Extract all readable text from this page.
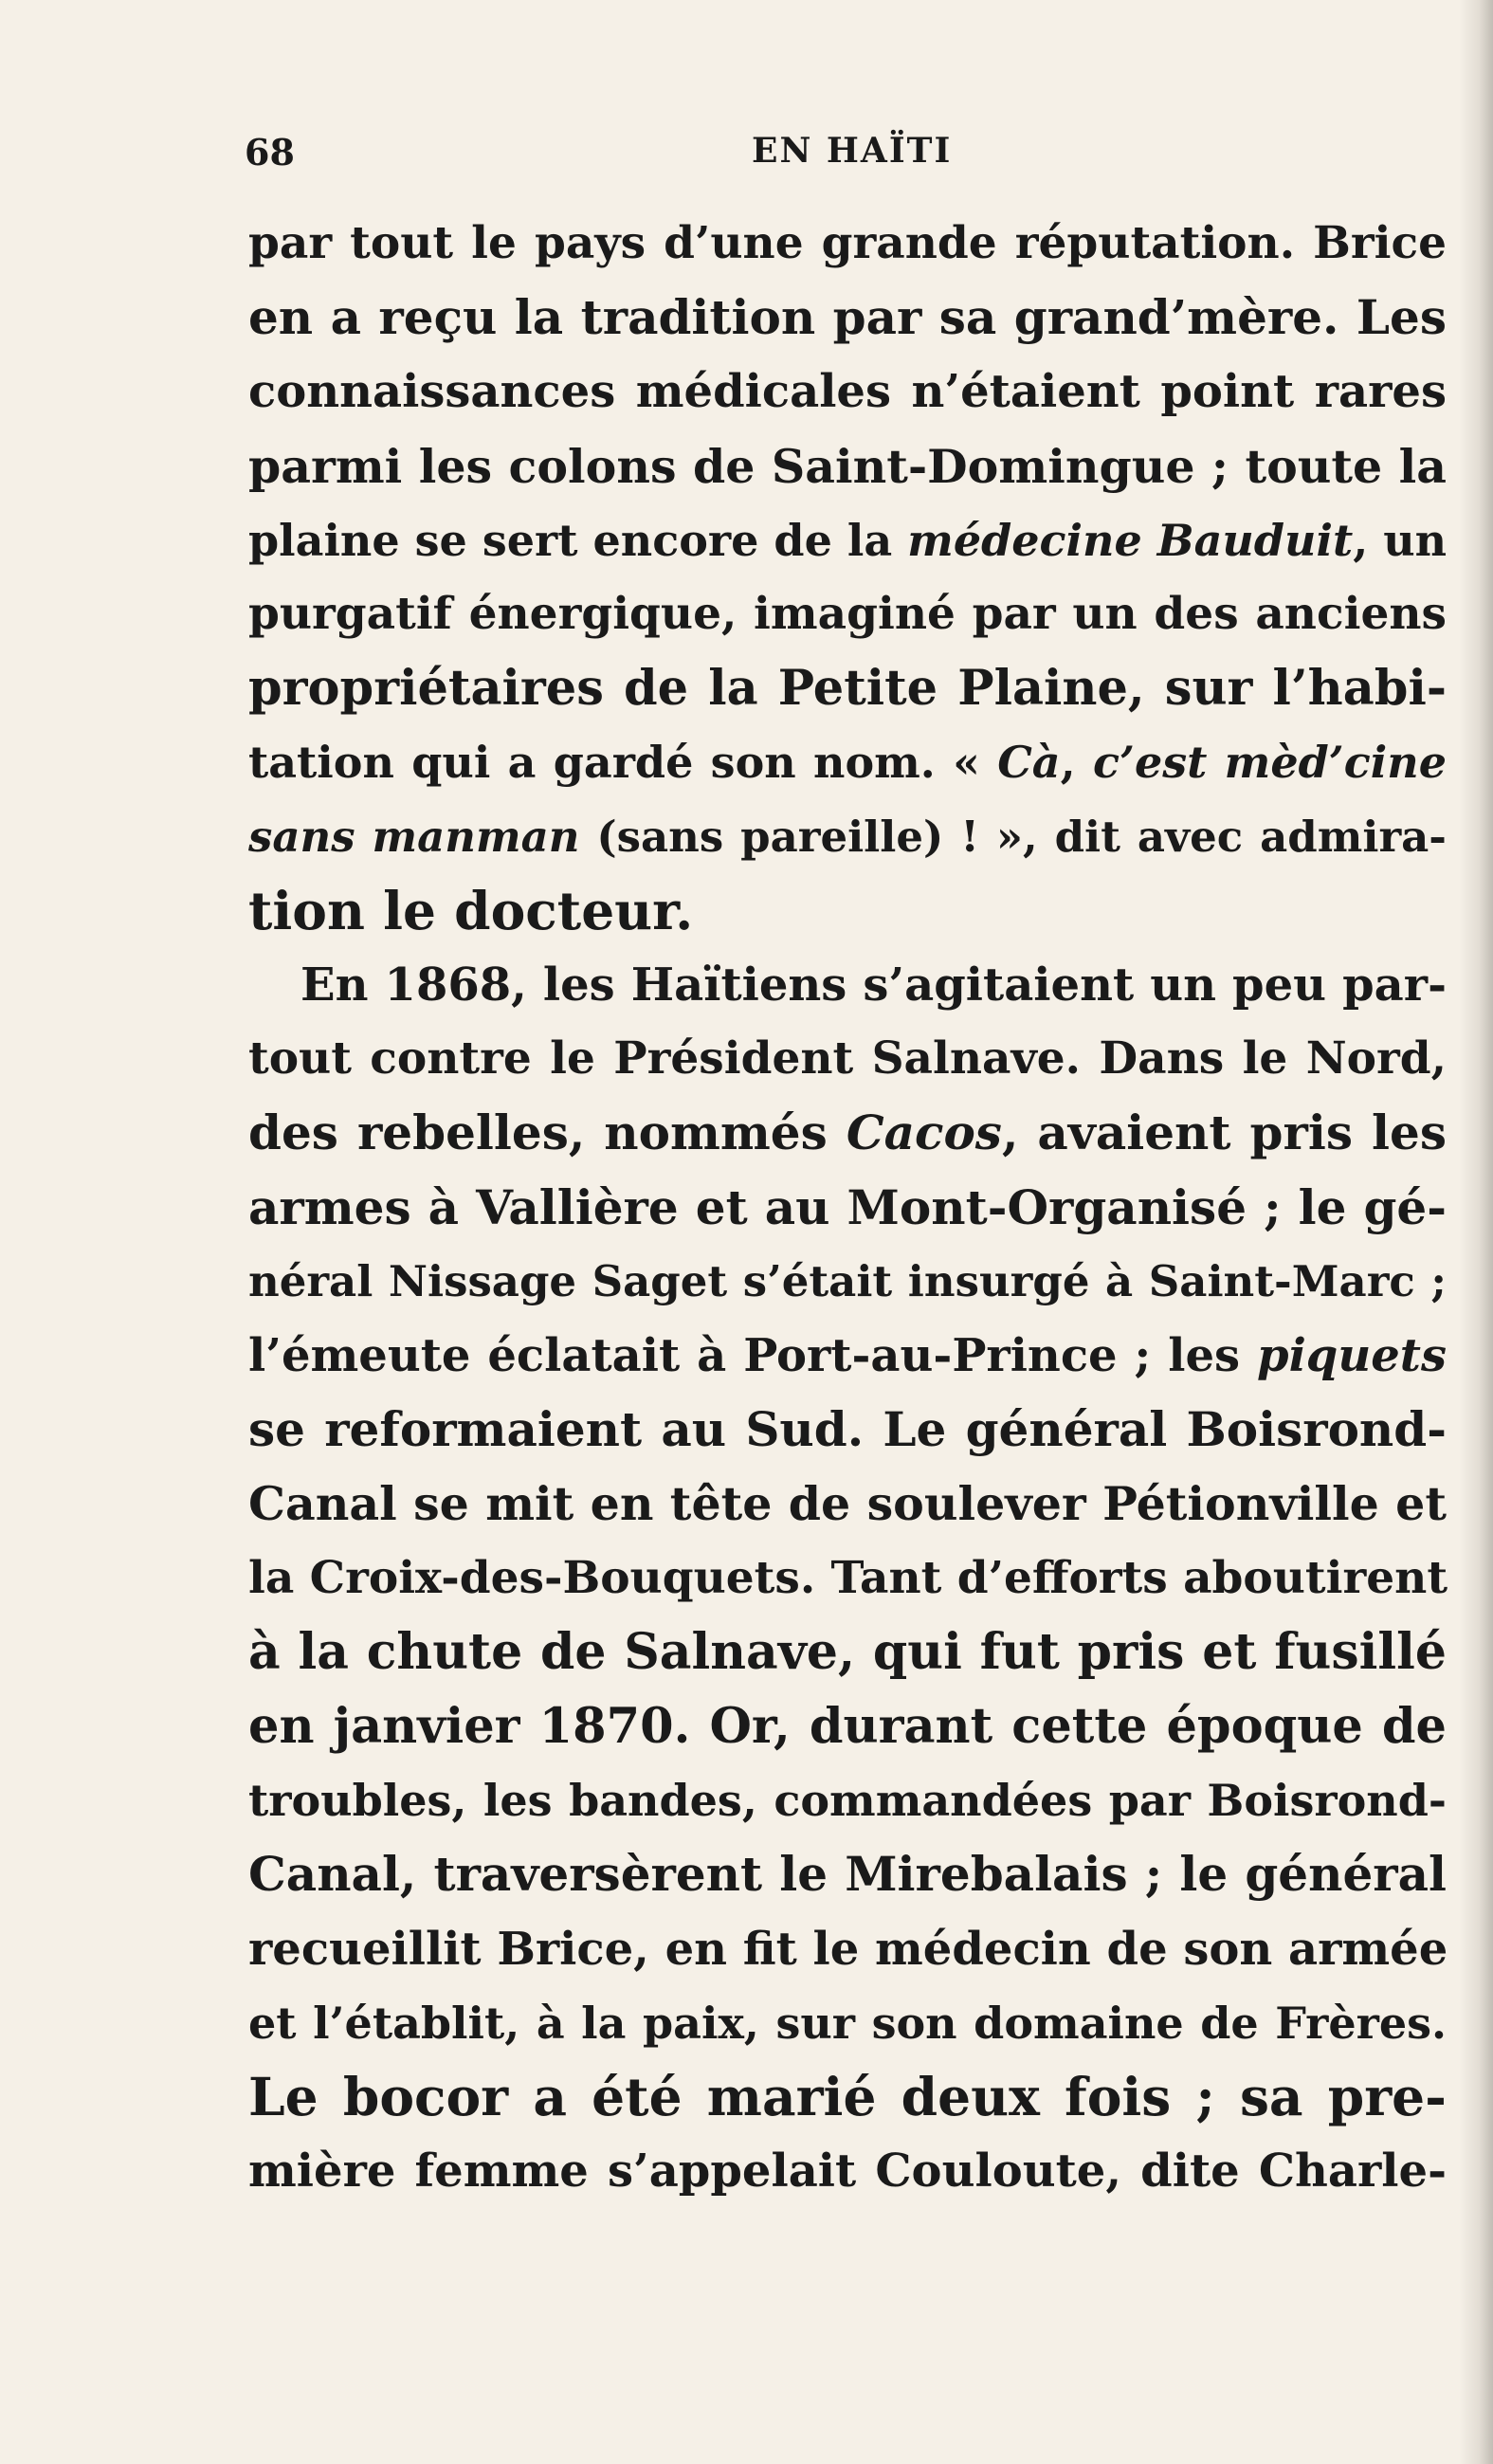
68	EN HAÏTI
par tout le pays d’une grande réputation. Brice
en a reçu la tradition par sa grand’mère. Les
connaissances médicales n’étaient point rares
parmi les colons de Saint-Domingue ; toute la
plaine se sert encore de la médecine Bauduit, un
purgatif énergique, imaginé par un des anciens
propriétaires de la Petite Plaine, sur l’habi-
tation qui a gardé son nom. « Cà, c’est mèd’cine
sans manman (sans pareille) ! », dit avec admira-
tion le docteur.
En 1868, les Haïtiens s’agitaient un peu par-
tout contre le Président Salnave. Dans le Nord,
des rebelles, nommés Cacos, avaient pris les
armes à Vallière et au Mont-Organisé ; le gé-
néral Nissage Saget s’était insurgé à Saint-Marc ;
l’émeute éclatait à Port-au-Prince ; les piquets
se reformaient au Sud. Le général Boisrond-
Canal se mit en tête de soulever Pétionville et
la Croix-des-Bouquets. Tant d’efforts aboutirent
à la chute de Salnave, qui fut pris et fusillé
en janvier 1870. Or, durant cette époque de
troubles, les bandes, commandées par Boisrond-
Canal, traversèrent le Mirebalais ; le général
recueillit Brice, en fit le médecin de son armée
et l’établit, à la paix, sur son domaine de Frères.
Le bocor a été marié deux fois ; sa pre-
mière femme s’appelait Couloute, dite Charle-
